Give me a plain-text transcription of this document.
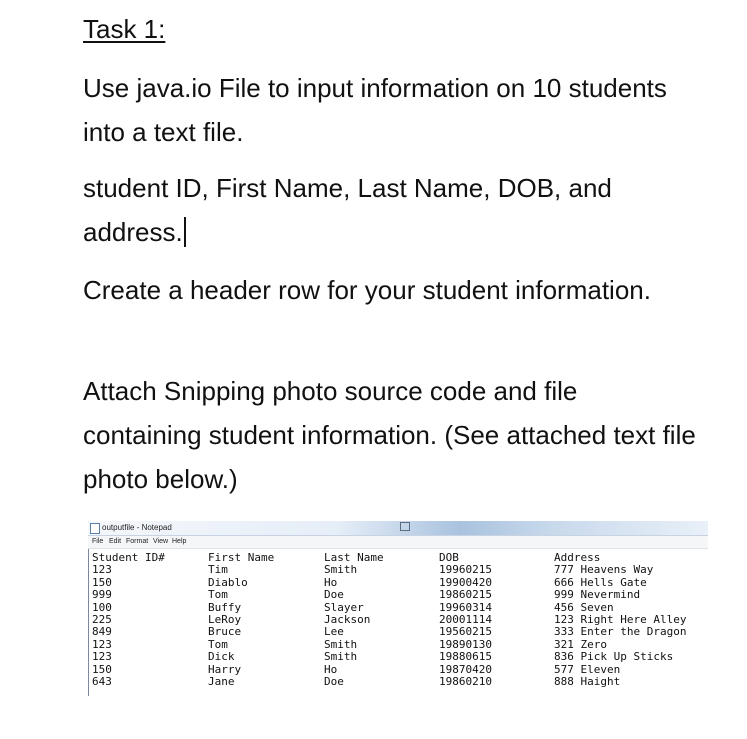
Task 1:
Use java.io File to input information on 10 students into a text file.
student ID, First Name, Last Name, DOB, and address.
Create a header row for your student information.
Attach Snipping photo source code and file containing student information. (See attached text file photo below.)
outputfile - Notepad
File Edit Format View Help
Student ID#
123
150
999
100
225
849
123
123
150
643
First Name
Tim
Diablo
Tom
Buffy
LeRoy
Bruce
Tom
Dick
Harry
Jane
Last Name
Smith
Ho
Doe
Slayer
Jackson
Lee
Smith
Smith
Ho
Doe
DOB
19960215
19900420
19860215
19960314
20001114
19560215
19890130
19880615
19870420
19860210
Address
777 Heavens Way
666 Hells Gate
999 Nevermind
456 Seven
123 Right Here Alley
333 Enter the Dragon
321 Zero
836 Pick Up Sticks
577 Eleven
888 Haight
